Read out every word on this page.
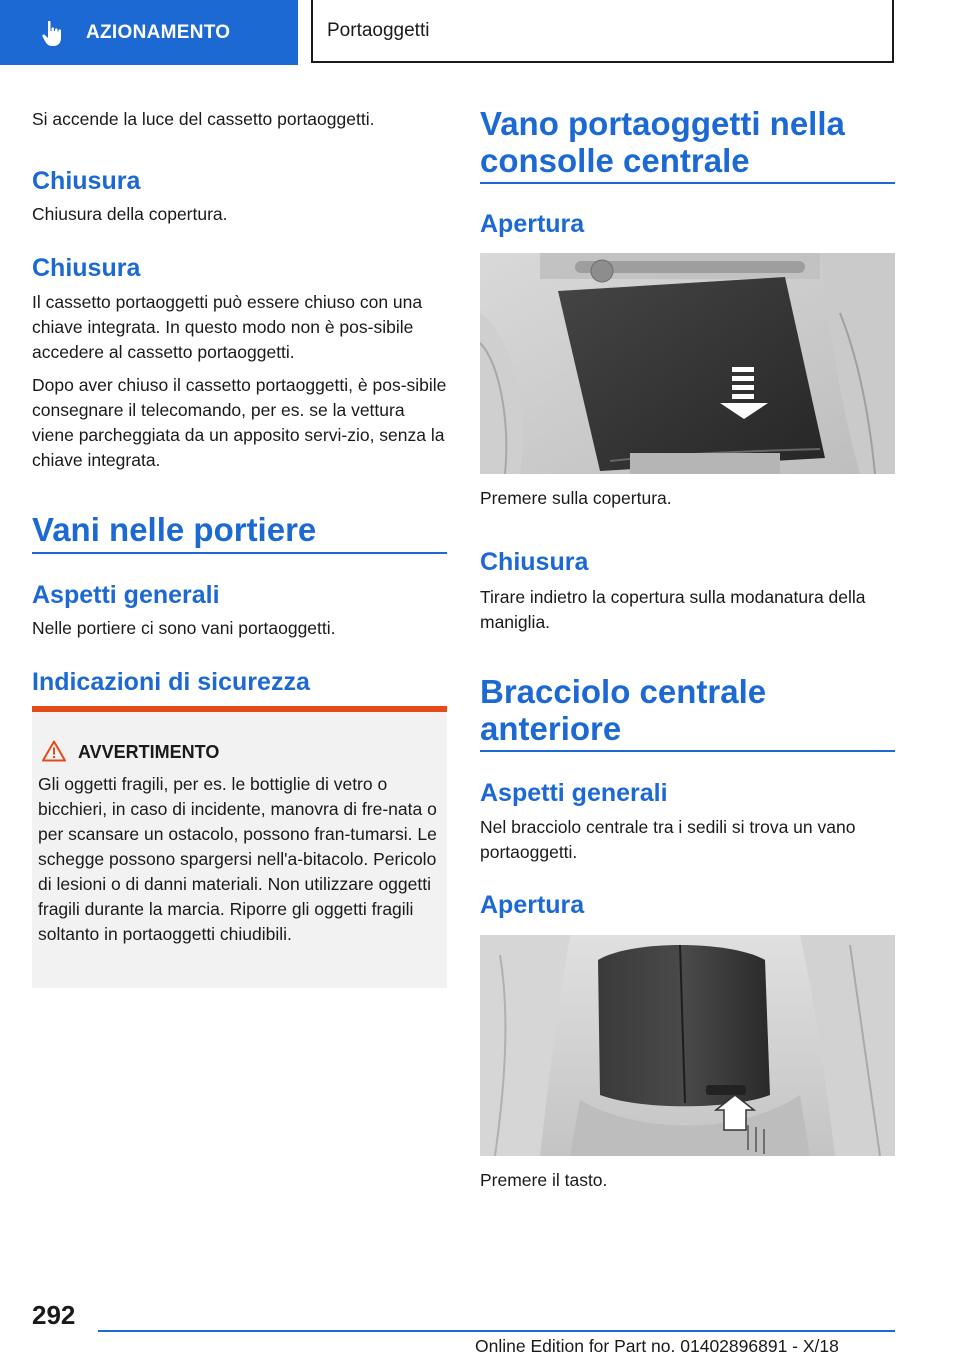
AZIONAMENTO	Portaoggetti

Si accende la luce del cassetto portaoggetti.

Chiusura

Chiusura della copertura.

Chiusura

Il cassetto portaoggetti può essere chiuso con una chiave integrata. In questo modo non è pos-sibile accedere al cassetto portaoggetti.

Dopo aver chiuso il cassetto portaoggetti, è pos-sibile consegnare il telecomando, per es. se la vettura viene parcheggiata da un apposito servi-zio, senza la chiave integrata.

Vani nelle portiere
Aspetti generali

Nelle portiere ci sono vani portaoggetti.

Indicazioni di sicurezza
AVVERTIMENTO

Gli oggetti fragili, per es. le bottiglie di vetro o bicchieri, in caso di incidente, manovra di fre-nata o per scansare un ostacolo, possono fran-tumarsi. Le schegge possono spargersi nell'a-bitacolo. Pericolo di lesioni o di danni materiali. Non utilizzare oggetti fragili durante la marcia. Riporre gli oggetti fragili soltanto in portaoggetti chiudibili.

Vano portaoggetti nella
consolle centrale
Apertura

Premere sulla copertura.

Chiusura

Tirare indietro la copertura sulla modanatura della maniglia.

Bracciolo centrale
anteriore
Aspetti generali

Nel bracciolo centrale tra i sedili si trova un vano portaoggetti.

Apertura

Premere il tasto.

292
Online Edition for Part no. 01402896891 - X/18
